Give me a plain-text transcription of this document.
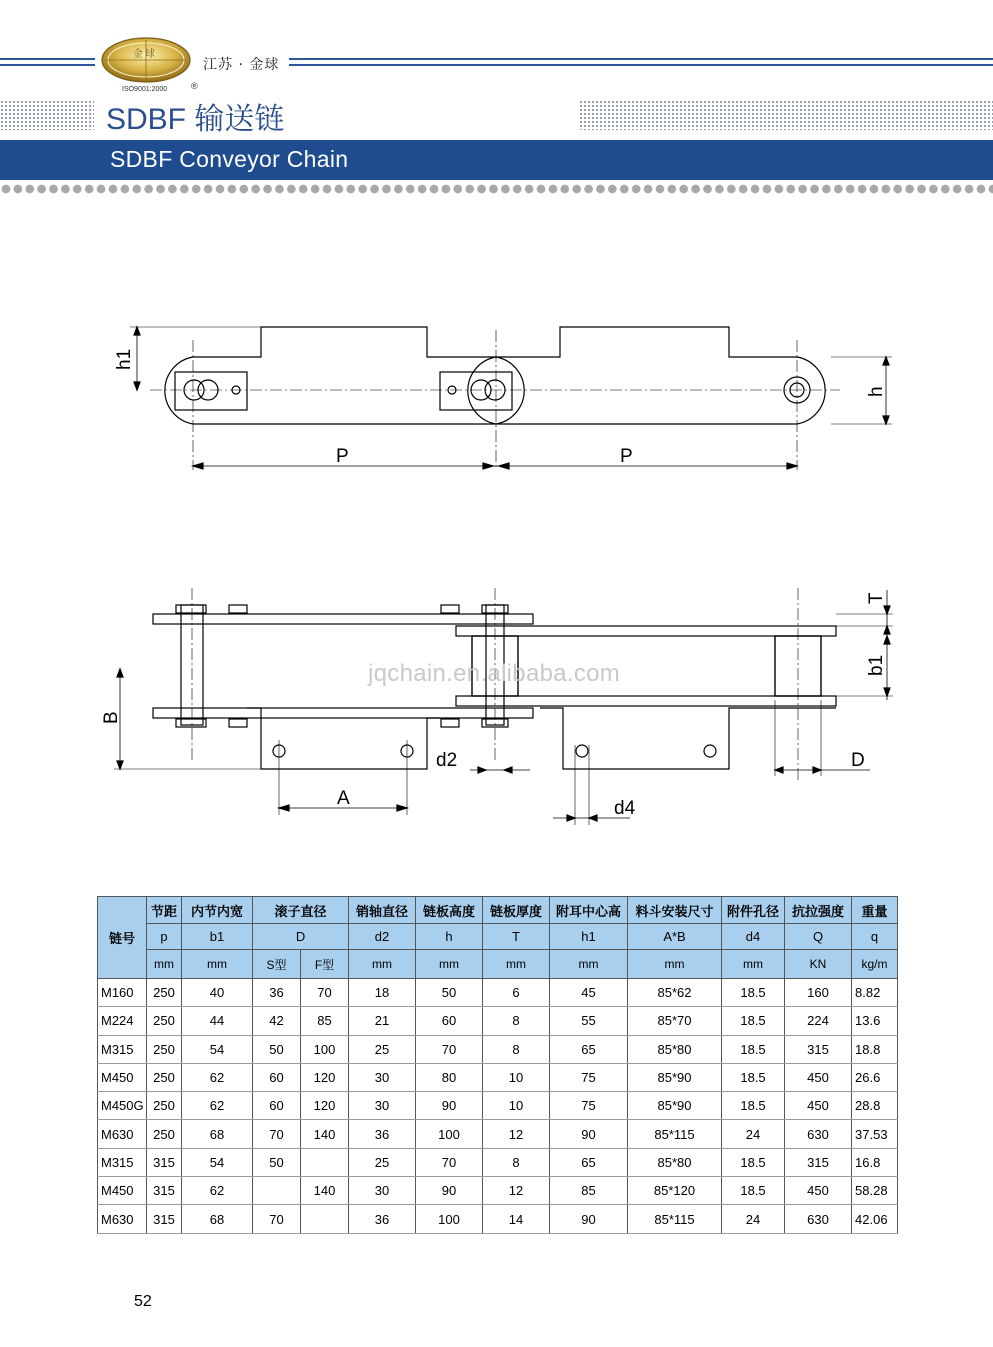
金球
ISO9001:2000	®
江苏 · 金球
SDBF 输送链
SDBF Conveyor Chain
h1
h
P	P
T
b1
B
d2	D
A	d4
jqchain.en.alibaba.com
链号	节距	内节内宽	滚子直径		销轴直径	链板高度	链板厚度	附耳中心高	料斗安装尺寸	附件孔径	抗拉强度	重量
	p	b1	D		d2	h	T	h1	A*B	d4	Q	q
	mm	mm	S型	F型	mm	mm	mm	mm	mm	mm	KN	kg/m
M160	250	40	36	70	18	50	6	45	85*62	18.5	160	8.82
M224	250	44	42	85	21	60	8	55	85*70	18.5	224	13.6
M315	250	54	50	100	25	70	8	65	85*80	18.5	315	18.8
M450	250	62	60	120	30	80	10	75	85*90	18.5	450	26.6
M450G	250	62	60	120	30	90	10	75	85*90	18.5	450	28.8
M630	250	68	70	140	36	100	12	90	85*115	24	630	37.53
M315	315	54	50		25	70	8	65	85*80	18.5	315	16.8
M450	315	62		140	30	90	12	85	85*120	18.5	450	58.28
M630	315	68	70		36	100	14	90	85*115	24	630	42.06
52
